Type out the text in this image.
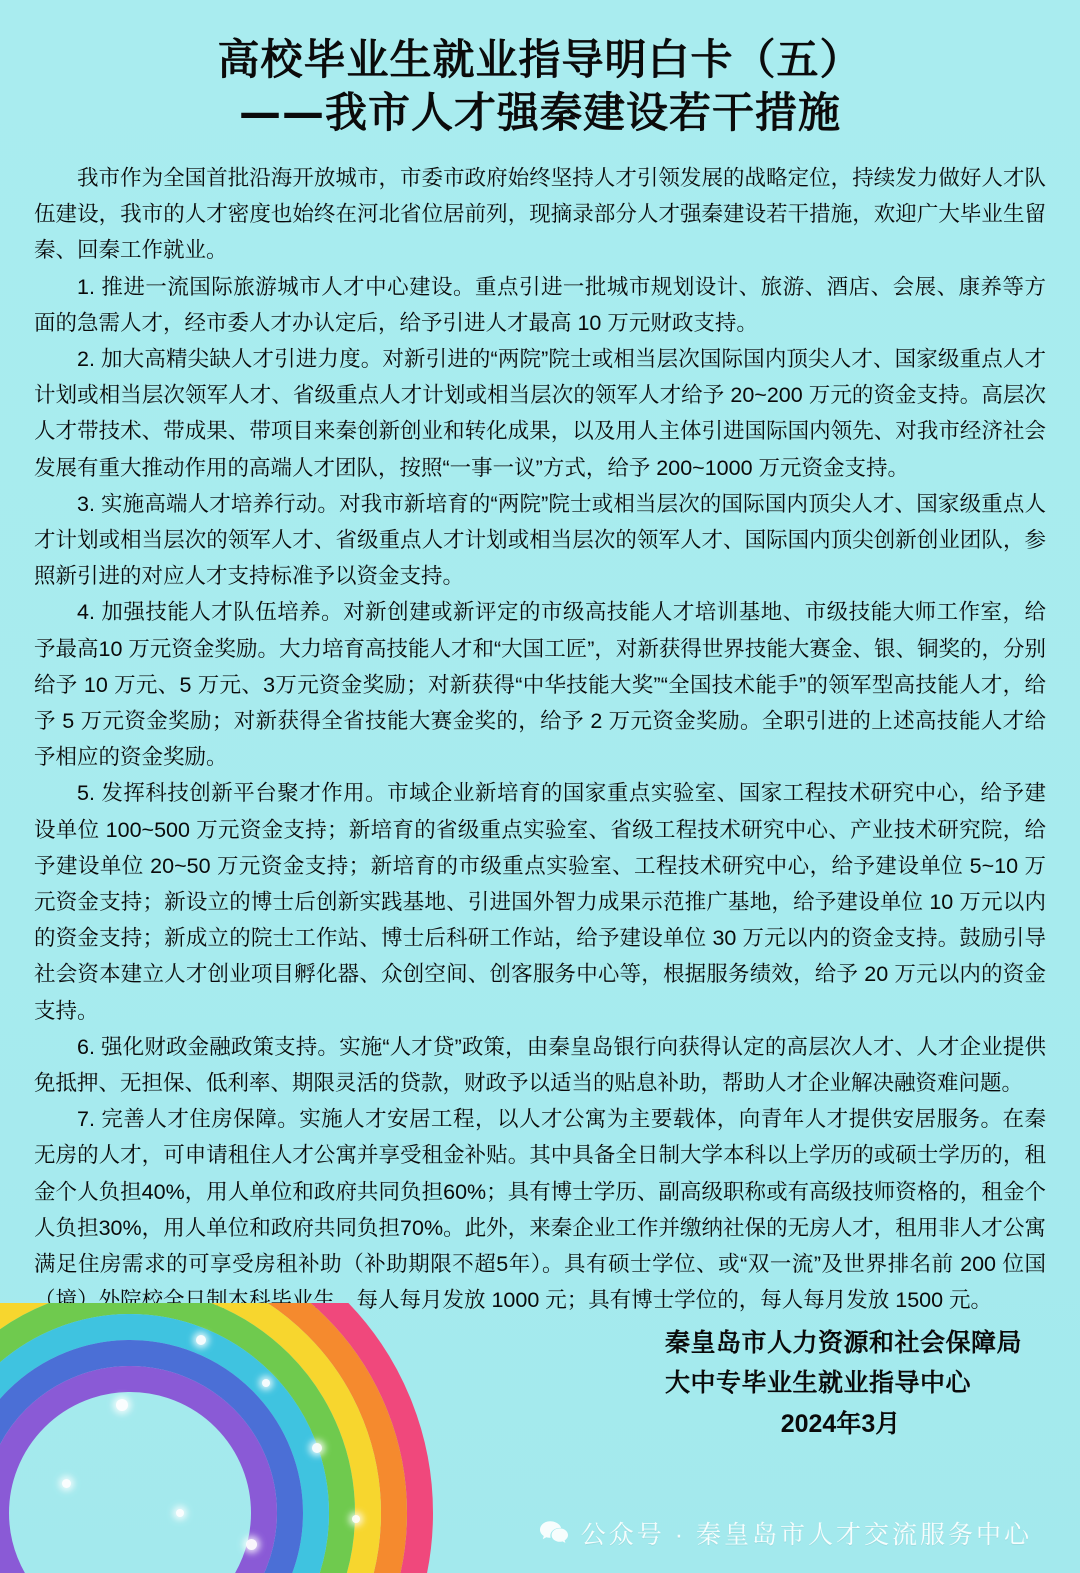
高校毕业生就业指导明白卡（五）
——我市人才强秦建设若干措施

我市作为全国首批沿海开放城市，市委市政府始终坚持人才引领发展的战略定位，持续发力做好人才队伍建设，我市的人才密度也始终在河北省位居前列，现摘录部分人才强秦建设若干措施，欢迎广大毕业生留秦、回秦工作就业。

1. 推进一流国际旅游城市人才中心建设。重点引进一批城市规划设计、旅游、酒店、会展、康养等方面的急需人才，经市委人才办认定后，给予引进人才最高 10 万元财政支持。

2. 加大高精尖缺人才引进力度。对新引进的“两院”院士或相当层次国际国内顶尖人才、国家级重点人才计划或相当层次领军人才、省级重点人才计划或相当层次的领军人才给予 20~200 万元的资金支持。高层次人才带技术、带成果、带项目来秦创新创业和转化成果，以及用人主体引进国际国内领先、对我市经济社会发展有重大推动作用的高端人才团队，按照“一事一议”方式，给予 200~1000 万元资金支持。

3. 实施高端人才培养行动。对我市新培育的“两院”院士或相当层次的国际国内顶尖人才、国家级重点人才计划或相当层次的领军人才、省级重点人才计划或相当层次的领军人才、国际国内顶尖创新创业团队，参照新引进的对应人才支持标准予以资金支持。

4. 加强技能人才队伍培养。对新创建或新评定的市级高技能人才培训基地、市级技能大师工作室，给予最高10 万元资金奖励。大力培育高技能人才和“大国工匠”，对新获得世界技能大赛金、银、铜奖的，分别给予 10 万元、5 万元、3万元资金奖励；对新获得“中华技能大奖”“全国技术能手”的领军型高技能人才，给予 5 万元资金奖励；对新获得全省技能大赛金奖的，给予 2 万元资金奖励。全职引进的上述高技能人才给予相应的资金奖励。

5. 发挥科技创新平台聚才作用。市域企业新培育的国家重点实验室、国家工程技术研究中心，给予建设单位 100~500 万元资金支持；新培育的省级重点实验室、省级工程技术研究中心、产业技术研究院，给予建设单位 20~50 万元资金支持；新培育的市级重点实验室、工程技术研究中心，给予建设单位 5~10 万元资金支持；新设立的博士后创新实践基地、引进国外智力成果示范推广基地，给予建设单位 10 万元以内的资金支持；新成立的院士工作站、博士后科研工作站，给予建设单位 30 万元以内的资金支持。鼓励引导社会资本建立人才创业项目孵化器、众创空间、创客服务中心等，根据服务绩效，给予 20 万元以内的资金支持。

6. 强化财政金融政策支持。实施“人才贷”政策，由秦皇岛银行向获得认定的高层次人才、人才企业提供免抵押、无担保、低利率、期限灵活的贷款，财政予以适当的贴息补助，帮助人才企业解决融资难问题。

7. 完善人才住房保障。实施人才安居工程，以人才公寓为主要载体，向青年人才提供安居服务。在秦无房的人才，可申请租住人才公寓并享受租金补贴。其中具备全日制大学本科以上学历的或硕士学历的，租金个人负担40%，用人单位和政府共同负担60%；具有博士学历、副高级职称或有高级技师资格的，租金个人负担30%，用人单位和政府共同负担70%。此外，来秦企业工作并缴纳社保的无房人才，租用非人才公寓满足住房需求的可享受房租补助（补助期限不超5年）。具有硕士学位、或“双一流”及世界排名前 200 位国（境）外院校全日制本科毕业生，每人每月发放 1000 元；具有博士学位的，每人每月发放 1500 元。

秦皇岛市人力资源和社会保障局
大中专毕业生就业指导中心
2024年3月
公众号 · 秦皇岛市人才交流服务中心
